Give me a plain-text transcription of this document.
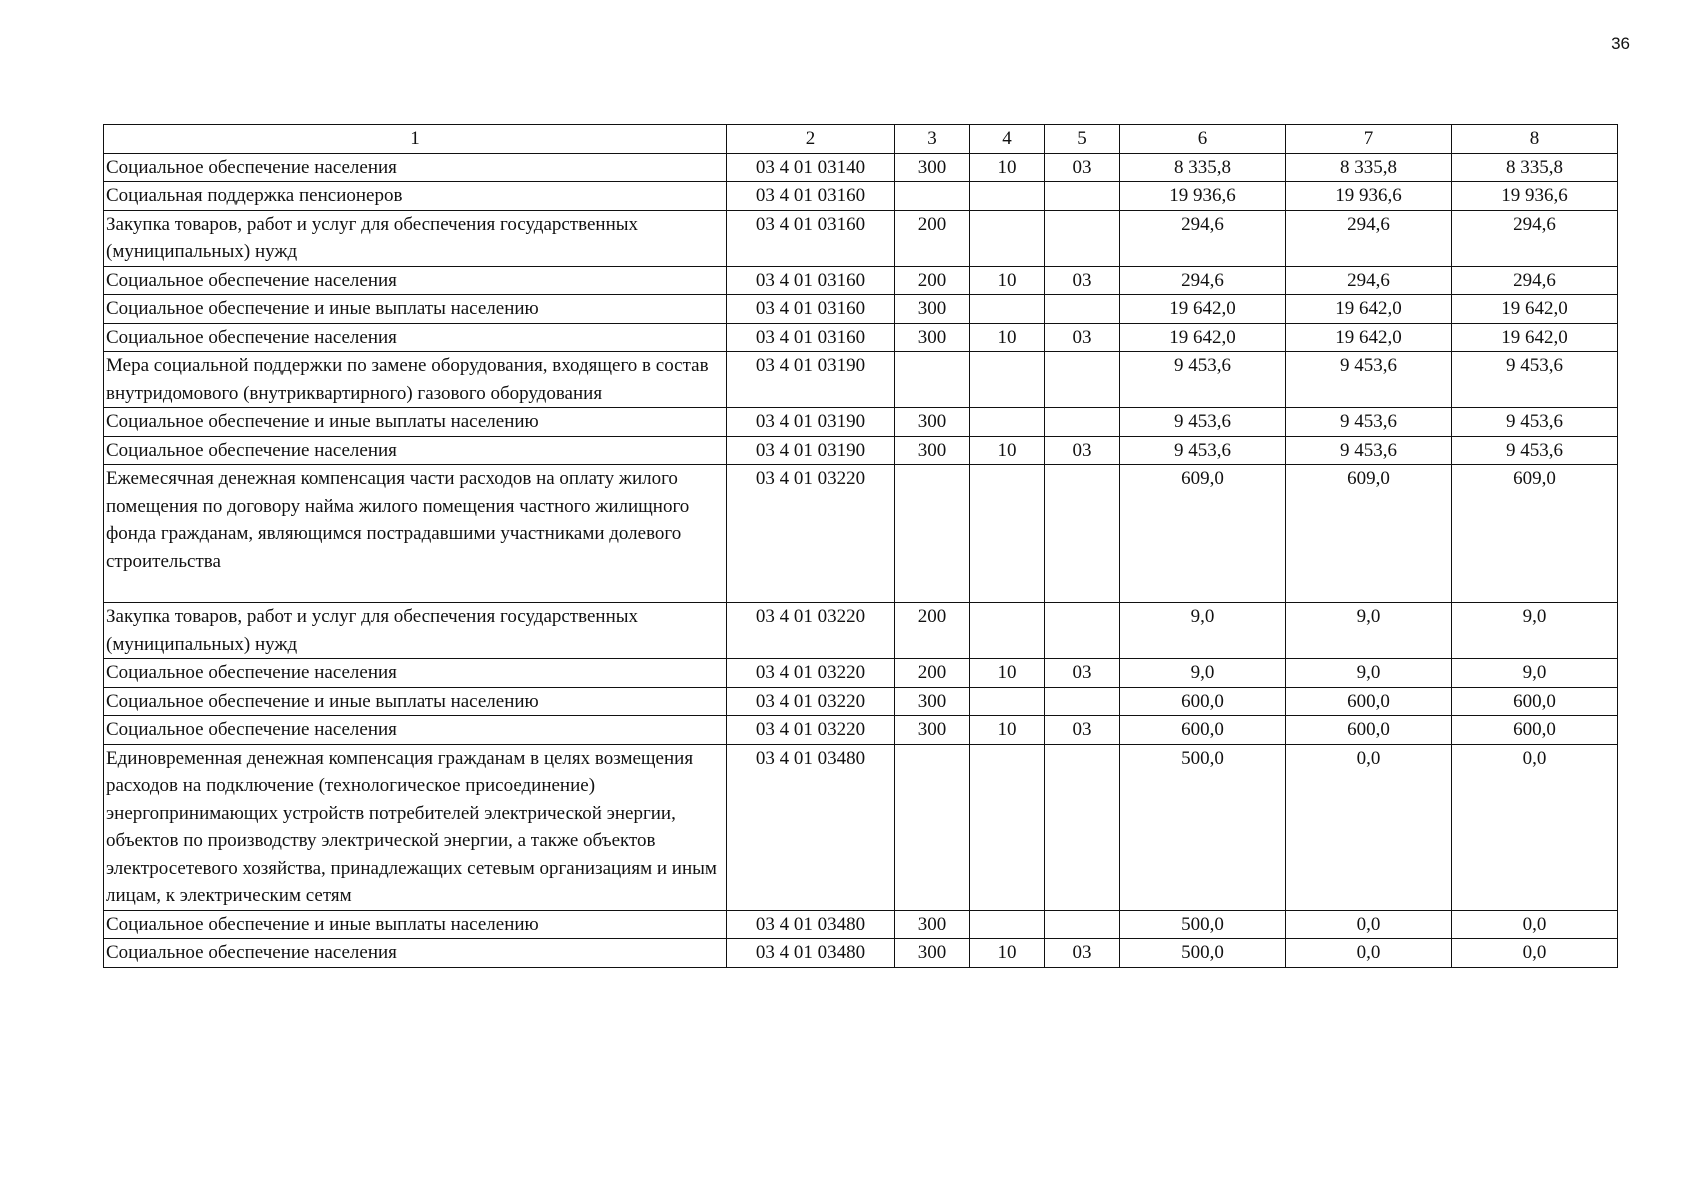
36
1	2	3	4	5	6	7	8
Социальное обеспечение населения	03 4 01 03140	300	10	03	8 335,8	8 335,8	8 335,8
Социальная поддержка пенсионеров	03 4 01 03160				19 936,6	19 936,6	19 936,6
Закупка товаров, работ и услуг для обеспечения государственных (муниципальных) нужд	03 4 01 03160	200			294,6	294,6	294,6
Социальное обеспечение населения	03 4 01 03160	200	10	03	294,6	294,6	294,6
Социальное обеспечение и иные выплаты населению	03 4 01 03160	300			19 642,0	19 642,0	19 642,0
Социальное обеспечение населения	03 4 01 03160	300	10	03	19 642,0	19 642,0	19 642,0
Мера социальной поддержки по замене оборудования, входящего в состав внутридомового (внутриквартирного) газового оборудования	03 4 01 03190				9 453,6	9 453,6	9 453,6
Социальное обеспечение и иные выплаты населению	03 4 01 03190	300			9 453,6	9 453,6	9 453,6
Социальное обеспечение населения	03 4 01 03190	300	10	03	9 453,6	9 453,6	9 453,6
Ежемесячная денежная компенсация части расходов на оплату жилого помещения по договору найма жилого помещения частного жилищного фонда гражданам, являющимся пострадавшими участниками долевого строительства	03 4 01 03220				609,0	609,0	609,0
Закупка товаров, работ и услуг для обеспечения государственных (муниципальных) нужд	03 4 01 03220	200			9,0	9,0	9,0
Социальное обеспечение населения	03 4 01 03220	200	10	03	9,0	9,0	9,0
Социальное обеспечение и иные выплаты населению	03 4 01 03220	300			600,0	600,0	600,0
Социальное обеспечение населения	03 4 01 03220	300	10	03	600,0	600,0	600,0
Единовременная денежная компенсация гражданам в целях возмещения расходов на подключение (технологическое присоединение) энергопринимающих устройств потребителей электрической энергии, объектов по производству электрической энергии, а также объектов электросетевого хозяйства, принадлежащих сетевым организациям и иным лицам, к электрическим сетям	03 4 01 03480				500,0	0,0	0,0
Социальное обеспечение и иные выплаты населению	03 4 01 03480	300			500,0	0,0	0,0
Социальное обеспечение населения	03 4 01 03480	300	10	03	500,0	0,0	0,0
